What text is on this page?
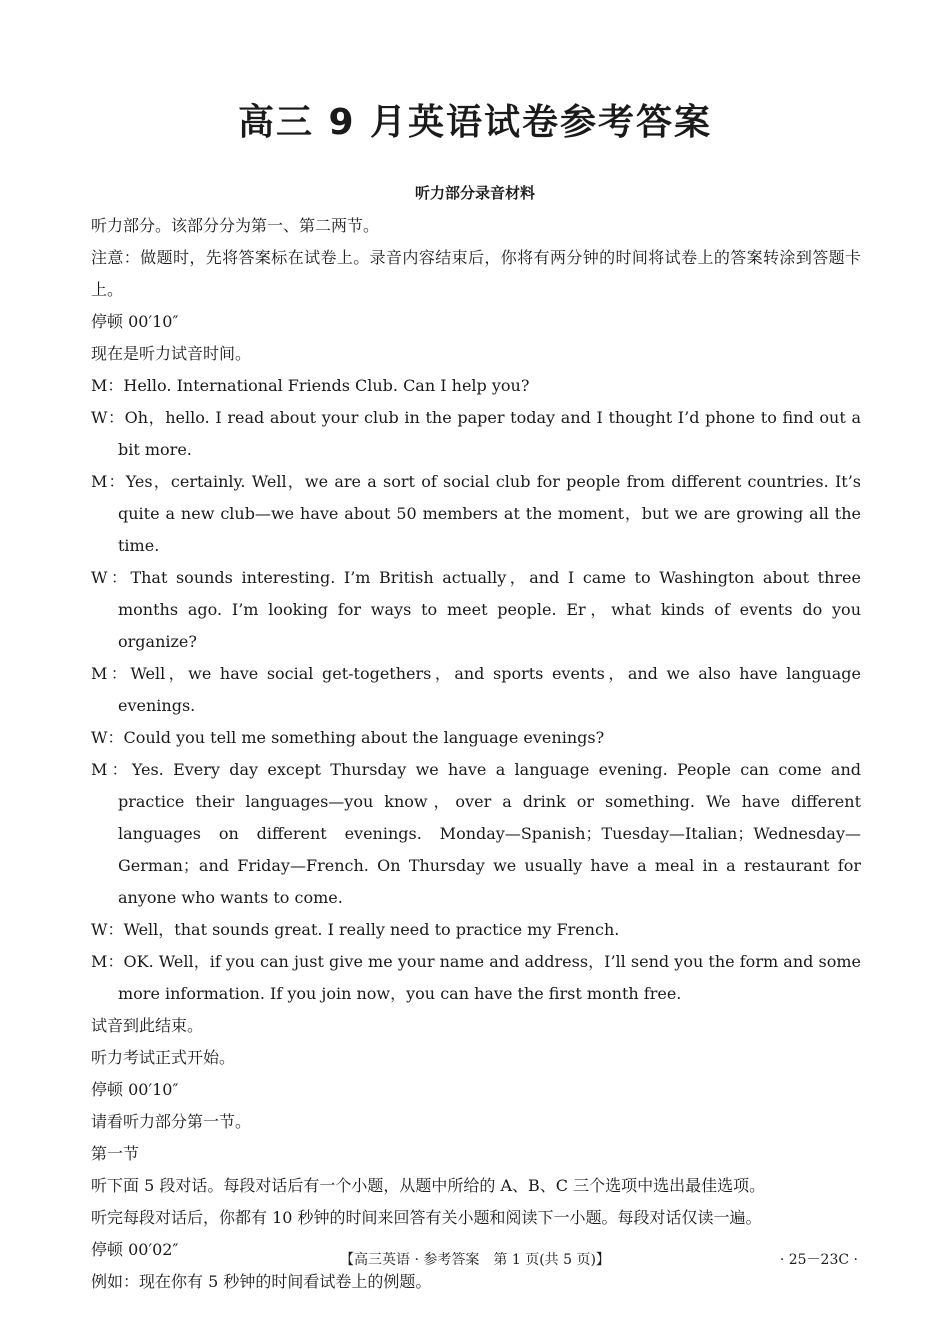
高三 9 月英语试卷参考答案
听力部分录音材料

听力部分。该部分分为第一、第二两节。

注意：做题时，先将答案标在试卷上。录音内容结束后，你将有两分钟的时间将试卷上的答案转涂到答题卡上。

停顿 00′10″

现在是听力试音时间。

M：Hello. International Friends Club. Can I help you?

W：Oh，hello. I read about your club in the paper today and I thought I’d phone to find out a bit more.

M：Yes，certainly. Well，we are a sort of social club for people from different countries. It’s quite a new club—we have about 50 members at the moment，but we are growing all the time.

W：That sounds interesting. I’m British actually，and I came to Washington about three months ago. I’m looking for ways to meet people. Er，what kinds of events do you organize?

M：Well，we have social get-togethers，and sports events，and we also have language evenings.

W：Could you tell me something about the language evenings?

M：Yes. Every day except Thursday we have a language evening. People can come and practice their languages—you know，over a drink or something. We have different languages on different evenings. Monday—Spanish；Tuesday—Italian；Wednesday—German；and Friday—French. On Thursday we usually have a meal in a restaurant for anyone who wants to come.

W：Well，that sounds great. I really need to practice my French.

M：OK. Well，if you can just give me your name and address，I’ll send you the form and some more information. If you join now，you can have the first month free.

试音到此结束。

听力考试正式开始。

停顿 00′10″

请看听力部分第一节。

第一节

听下面 5 段对话。每段对话后有一个小题，从题中所给的 A、B、C 三个选项中选出最佳选项。

听完每段对话后，你都有 10 秒钟的时间来回答有关小题和阅读下一小题。每段对话仅读一遍。

停顿 00′02″

例如：现在你有 5 秒钟的时间看试卷上的例题。

【高三英语 · 参考答案　第 1 页(共 5 页)】	· 25－23C ·
